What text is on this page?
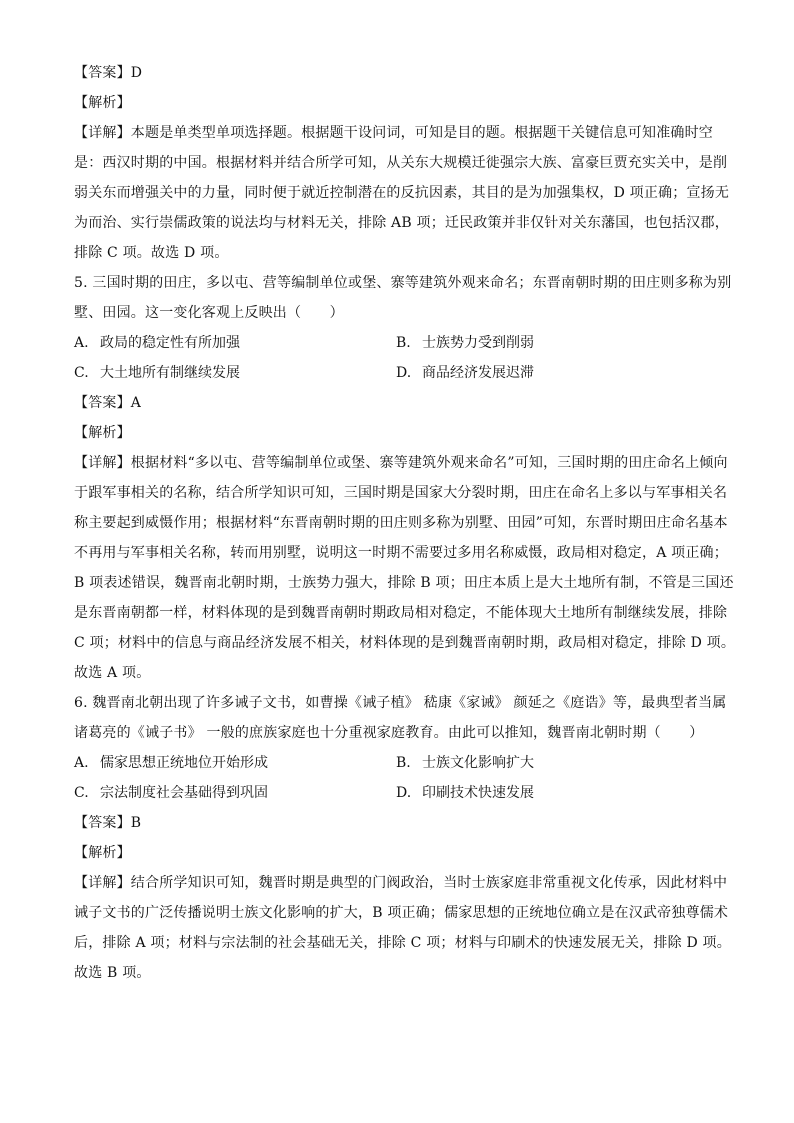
【答案】D

【解析】

【详解】本题是单类型单项选择题。根据题干设问词，可知是目的题。根据题干关键信息可知准确时空

是：西汉时期的中国。根据材料并结合所学可知，从关东大规模迁徙强宗大族、富豪巨贾充实关中，是削

弱关东而增强关中的力量，同时便于就近控制潜在的反抗因素，其目的是为加强集权，D 项正确；宣扬无

为而治、实行崇儒政策的说法均与材料无关，排除 AB 项；迁民政策并非仅针对关东藩国，也包括汉郡，

排除 C 项。故选 D 项。

5. 三国时期的田庄，多以屯、营等编制单位或堡、寨等建筑外观来命名；东晋南朝时期的田庄则多称为别

墅、田园。这一变化客观上反映出（　　）

A. 政局的稳定性有所加强	B. 士族势力受到削弱
C. 大土地所有制继续发展	D. 商品经济发展迟滞

【答案】A

【解析】

【详解】根据材料“多以屯、营等编制单位或堡、寨等建筑外观来命名”可知，三国时期的田庄命名上倾向

于跟军事相关的名称，结合所学知识可知，三国时期是国家大分裂时期，田庄在命名上多以与军事相关名

称主要起到威慑作用；根据材料“东晋南朝时期的田庄则多称为别墅、田园”可知，东晋时期田庄命名基本

不再用与军事相关名称，转而用别墅，说明这一时期不需要过多用名称威慑，政局相对稳定，A 项正确；

B 项表述错误，魏晋南北朝时期，士族势力强大，排除 B 项；田庄本质上是大土地所有制，不管是三国还

是东晋南朝都一样，材料体现的是到魏晋南朝时期政局相对稳定，不能体现大土地所有制继续发展，排除

C 项；材料中的信息与商品经济发展不相关，材料体现的是到魏晋南朝时期，政局相对稳定，排除 D 项。

故选 A 项。

6. 魏晋南北朝出现了许多诫子文书，如曹操《诫子植》 嵇康《家诫》 颜延之《庭诰》等，最典型者当属

诸葛亮的《诫子书》 一般的庶族家庭也十分重视家庭教育。由此可以推知，魏晋南北朝时期（　　）

A. 儒家思想正统地位开始形成	B. 士族文化影响扩大
C. 宗法制度社会基础得到巩固	D. 印刷技术快速发展

【答案】B

【解析】

【详解】结合所学知识可知，魏晋时期是典型的门阀政治，当时士族家庭非常重视文化传承，因此材料中

诫子文书的广泛传播说明士族文化影响的扩大，B 项正确；儒家思想的正统地位确立是在汉武帝独尊儒术

后，排除 A 项；材料与宗法制的社会基础无关，排除 C 项；材料与印刷术的快速发展无关，排除 D 项。

故选 B 项。
